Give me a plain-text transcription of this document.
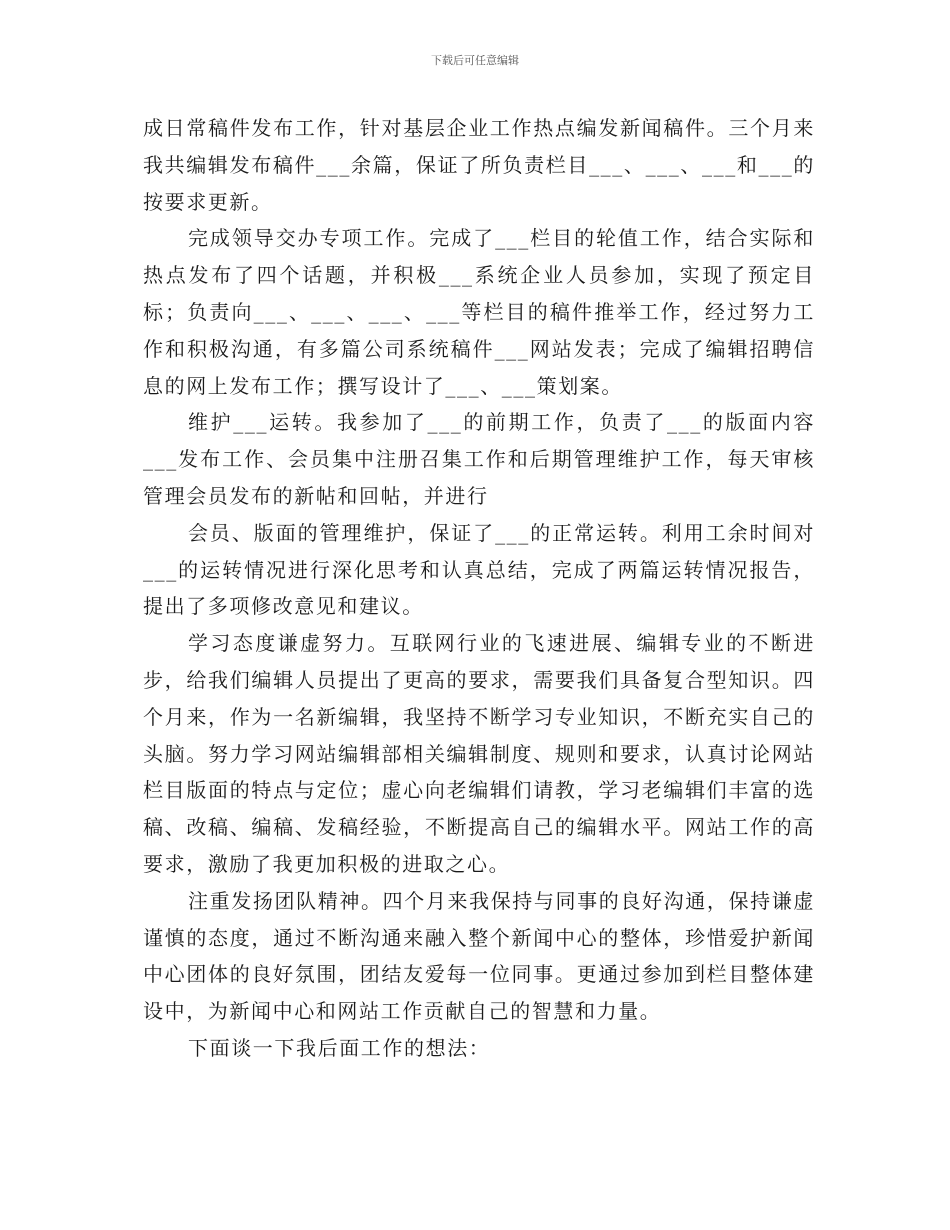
下载后可任意编辑

成日常稿件发布工作，针对基层企业工作热点编发新闻稿件。三个月来我共编辑发布稿件___余篇，保证了所负责栏目___、___、___和___的按要求更新。

完成领导交办专项工作。完成了___栏目的轮值工作，结合实际和热点发布了四个话题，并积极___系统企业人员参加，实现了预定目标；负责向___、___、___、___等栏目的稿件推举工作，经过努力工作和积极沟通，有多篇公司系统稿件___网站发表；完成了编辑招聘信息的网上发布工作；撰写设计了___、___策划案。

维护___运转。我参加了___的前期工作，负责了___的版面内容___发布工作、会员集中注册召集工作和后期管理维护工作，每天审核管理会员发布的新帖和回帖，并进行

会员、版面的管理维护，保证了___的正常运转。利用工余时间对___的运转情况进行深化思考和认真总结，完成了两篇运转情况报告，提出了多项修改意见和建议。

学习态度谦虚努力。互联网行业的飞速进展、编辑专业的不断进步，给我们编辑人员提出了更高的要求，需要我们具备复合型知识。四个月来，作为一名新编辑，我坚持不断学习专业知识，不断充实自己的头脑。努力学习网站编辑部相关编辑制度、规则和要求，认真讨论网站栏目版面的特点与定位；虚心向老编辑们请教，学习老编辑们丰富的选稿、改稿、编稿、发稿经验，不断提高自己的编辑水平。网站工作的高要求，激励了我更加积极的进取之心。

注重发扬团队精神。四个月来我保持与同事的良好沟通，保持谦虚谨慎的态度，通过不断沟通来融入整个新闻中心的整体，珍惜爱护新闻中心团体的良好氛围，团结友爱每一位同事。更通过参加到栏目整体建设中，为新闻中心和网站工作贡献自己的智慧和力量。

下面谈一下我后面工作的想法：
